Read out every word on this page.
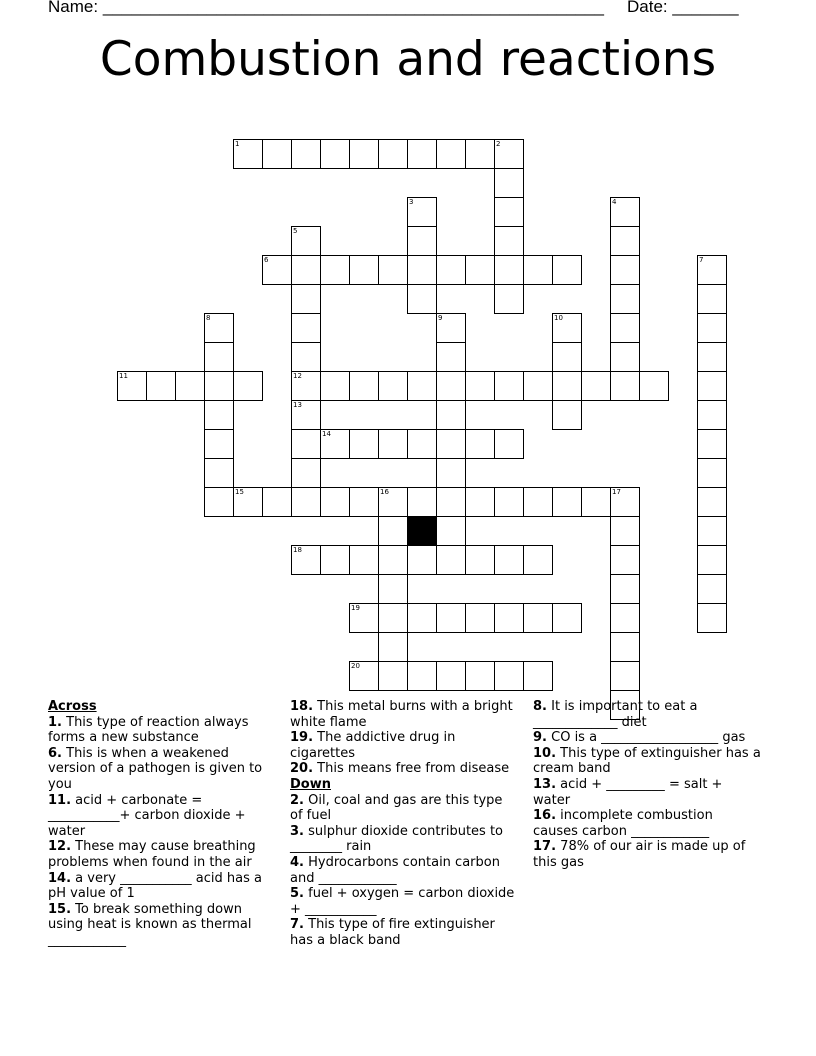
Name: _____________________________________________________ Date: _______
Combustion and reactions
1	2
3	4
5
6	7
8	9	10
11	12
13
14
15	16	17
18
19
20
Across
1. This type of reaction always forms a new substance
6. This is when a weakened version of a pathogen is given to you
11. acid + carbonate = ___________+ carbon dioxide + water
12. These may cause breathing problems when found in the air
14. a very ___________ acid has a pH value of 1
15. To break something down using heat is known as thermal ____________
18. This metal burns with a bright white flame
19. The addictive drug in cigarettes
20. This means free from disease
Down
2. Oil, coal and gas are this type of fuel
3. sulphur dioxide contributes to ________ rain
4. Hydrocarbons contain carbon and ____________
5. fuel + oxygen = carbon dioxide + ___________
7. This type of fire extinguisher has a black band
8. It is important to eat a _____________ diet
9. CO is a __________________ gas
10. This type of extinguisher has a cream band
13. acid + _________ = salt + water
16. incomplete combustion causes carbon ____________
17. 78% of our air is made up of this gas
